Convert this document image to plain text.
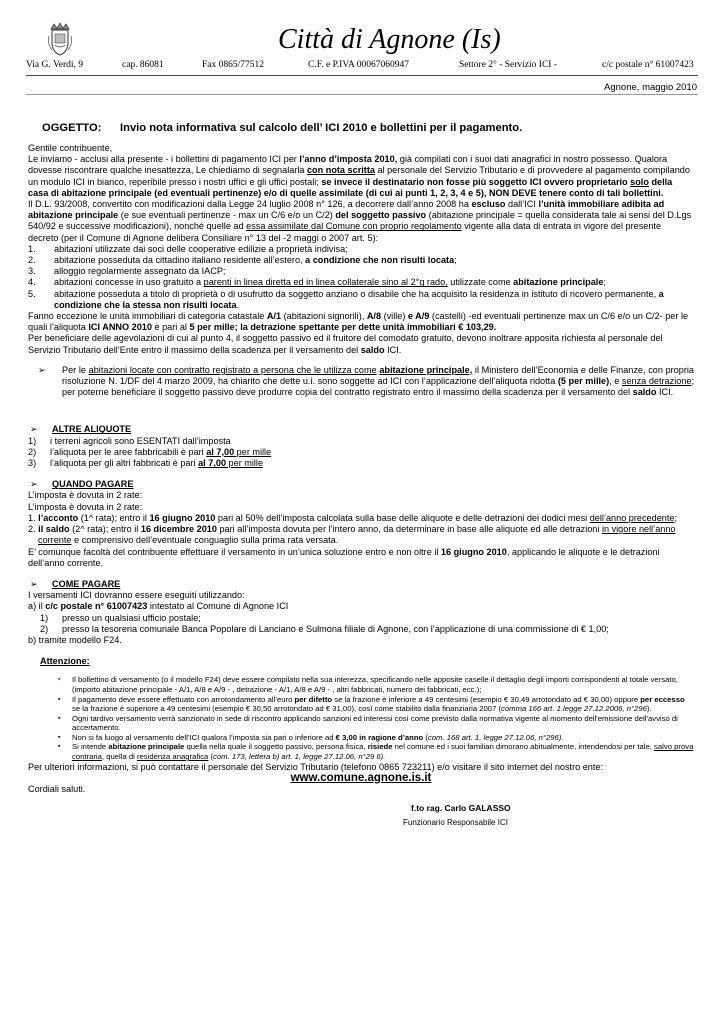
Città di Agnone (Is)
Via G. Verdi, 9	cap. 86081	Fax 0865/77512	C.F. e P.IVA 00067060947	Settore 2° - Servizio ICI -	c/c postale n° 61007423
Agnone, maggio 2010
OGGETTO: Invio nota informativa sul calcolo dell’ ICI 2010 e bollettini per il pagamento.

Gentile contribuente,

Le inviamo - acclusi alla presente - i bollettini di pagamento ICI per l’anno d’imposta 2010, già compilati con i suoi dati anagrafici in nostro possesso. Qualora dovesse riscontrare qualche inesattezza, Le chiediamo di segnalarla con nota scritta al personale del Servizio Tributario e di provvedere al pagamento compilando un modulo ICI in bianco, reperibile presso i nostri uffici e gli uffici postali; se invece il destinatario non fosse più soggetto ICI ovvero proprietario solo della casa di abitazione principale (ed eventuali pertinenze) e/o di quelle assimilate (di cui ai punti 1, 2, 3, 4 e 5), NON DEVE tenere conto di tali bollettini.

Il D.L. 93/2008, convertito con modificazioni dalla Legge 24 luglio 2008 n° 126, a decorrere dall’anno 2008 ha escluso dall’ICI l’unità immobiliare adibita ad abitazione principale (e sue eventuali pertinenze - max un C/6 e/o un C/2) del soggetto passivo (abitazione principale = quella considerata tale ai sensi del D.Lgs 540/92 e successive modificazioni), nonché quelle ad essa assimilate dal Comune con proprio regolamento vigente alla data di entrata in vigore del presente decreto (per il Comune di Agnone delibera Consiliare n° 13 del -2 maggi o 2007 art. 5):

1.	abitazioni utilizzate dai soci delle cooperative edilizie a proprietà indivisa;
2.	abitazione posseduta da cittadino italiano residente all’estero, a condizione che non risulti locata;
3.	alloggio regolarmente assegnato da IACP;
4.	abitazioni concesse in uso gratuito a parenti in linea diretta ed in linea collaterale sino al 2°g rado, utilizzate come abitazione principale;
5.	abitazione posseduta a titolo di proprietà o di usufrutto da soggetto anziano o disabile che ha acquisito la residenza in istituto di ricovero permanente, a condizione che la stessa non risulti locata.

Fanno eccezione le unità immobiliari di categoria catastale A/1 (abitazioni signorili), A/8 (ville) e A/9 (castelli) -ed eventuali pertinenze max un C/6 e/o un C/2- per le quali l’aliquota ICI ANNO 2010 è pari al 5 per mille; la detrazione spettante per dette unità immobiliari € 103,29.

Per beneficiare delle agevolazioni di cui al punto 4, il soggetto passivo ed il fruitore del comodato gratuito, devono inoltrare apposita richiesta al personale del Servizio Tributario dell’Ente entro il massimo della scadenza per il versamento del saldo ICI.

➢	Per le abitazioni locate con contratto registrato a persona che le utilizza come abitazione principale, il Ministero dell’Economia e delle Finanze, con propria risoluzione N. 1/DF del 4 marzo 2009, ha chiarito che dette u.i. sono soggette ad ICI con l’applicazione dell’aliquota ridotta (5 per mille), e senza detrazione; per poterne beneficiare il soggetto passivo deve produrre copia del contratto registrato entro il massimo della scadenza per il versamento del saldo ICI.
➢	ALTRE ALIQUOTE
1)	i terreni agricoli sono ESENTATI dall’imposta
2)	l’aliquota per le aree fabbricabili è pari al 7,00 per mille
3)	l’aliquota per gli altri fabbricati è pari al 7,00 per mille
➢	QUANDO PAGARE

L’imposta è dovuta in 2 rate:

L’imposta è dovuta in 2 rate:

1. l’acconto (1^ rata); entro il 16 giugno 2010 pari al 50% dell’imposta calcolata sulla base delle aliquote e delle detrazioni dei dodici mesi dell’anno precedente;

2. il saldo (2^ rata); entro il 16 dicembre 2010 pari all’imposta dovuta per l’intero anno, da determinare in base alle aliquote ed alle detrazioni in vigore nell’anno corrente e comprensivo dell’eventuale conguaglio sulla prima rata versata.

E’ comunque facoltà del contribuente effettuare il versamento in un’unica soluzione entro e non oltre il 16 giugno 2010, applicando le aliquote e le detrazioni dell’anno corrente.

➢	COME PAGARE

I versamenti ICI dovranno essere eseguiti utilizzando:

a) il c/c postale n° 61007423 intestato al Comune di Agnone ICI

1)	presso un qualsiasi ufficio postale;
2)	presso la tesoreria comunale Banca Popolare di Lanciano e Sulmona filiale di Agnone, con l’applicazione di una commissione di € 1,00;

b) tramite modello F24.

Attenzione:
▪	Il bollettino di versamento (o il modello F24) deve essere compilato nella sua interezza, specificando nelle apposite caselle il dettaglio degli importi corrispondenti al totale versato, (importo abitazione principale - A/1, A/8 e A/9 - , detrazione - A/1, A/8 e A/9 - , altri fabbricati, numero dei fabbricati, ecc.);
▪	Il pagamento deve essere effettuato con arrotondamento all’euro per difetto se la frazione è inferiore a 49 centesimi (esempio € 30,49 arrotondato ad € 30,00) oppure per eccesso se la frazione è superiore a 49 centesimi (esempio € 30,50 arrotondato ad € 31,00), così come stabilito dalla finanziaria 2007 (comma 166 art. 1 legge 27.12.2006, n°296).
▪	Ogni tardivo versamento verrà sanzionato in sede di riscontro applicando sanzioni ed interessi così come previsto dalla normativa vigente al momento dell'emissione dell'avviso di accertamento.
▪	Non si fa luogo al versamento dell’ICI qualora l’imposta sia pari o inferiore ad € 3,00 in ragione d’anno (com. 168 art. 1, legge 27.12.06, n°296).
▪	Si intende abitazione principale quella nella quale il soggetto passivo, persona fisica, risiede nel comune ed i suoi familiari dimorano abitualmente, intendendosi per tale, salvo prova contraria, quella di residenza anagrafica (com. 173, lettera b) art. 1, legge 27.12.06, n°29 6).

Per ulteriori informazioni, si può contattare il personale del Servizio Tributario (telefono 0865 723211) e/o visitare il sito internet del nostro ente:

www.comune.agnone.is.it

Cordiali saluti.

f.to rag. Carlo GALASSO
Funzionario Responsabile ICI
